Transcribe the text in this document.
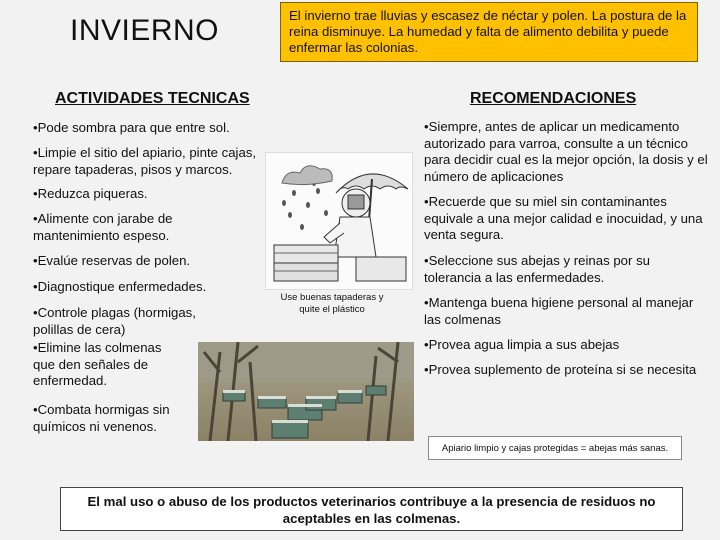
INVIERNO	El invierno trae lluvias y escasez de néctar y polen. La postura de la reina disminuye. La humedad y falta de alimento debilita y puede enfermar las colonias.
ACTIVIDADES TECNICAS	RECOMENDACIONES
•Pode sombra para que entre sol.
•Limpie el sitio del apiario, pinte cajas, repare tapaderas, pisos y marcos.
•Reduzca piqueras.
•Alimente con jarabe de mantenimiento espeso.
•Evalúe reservas de polen.
•Diagnostique enfermedades.
•Controle plagas (hormigas, polillas de cera)
•Elimine las colmenas que den señales de enfermedad.
•Combata hormigas sin químicos ni venenos.
•Siempre, antes de aplicar un medicamento autorizado para varroa, consulte a un técnico para decidir cual es la mejor opción, la dosis y el número de aplicaciones
•Recuerde que su miel sin contaminantes equivale a una mejor calidad e inocuidad, y una venta segura.
•Seleccione sus abejas y reinas por su tolerancia a las enfermedades.
•Mantenga buena higiene personal al manejar las colmenas
•Provea agua limpia a sus abejas
•Provea suplemento de proteína si se necesita
Use buenas tapaderas y quite el plástico
Apiario limpio y cajas protegidas = abejas más sanas.
El mal uso o abuso de los productos veterinarios contribuye a la presencia de residuos no aceptables en las colmenas.
